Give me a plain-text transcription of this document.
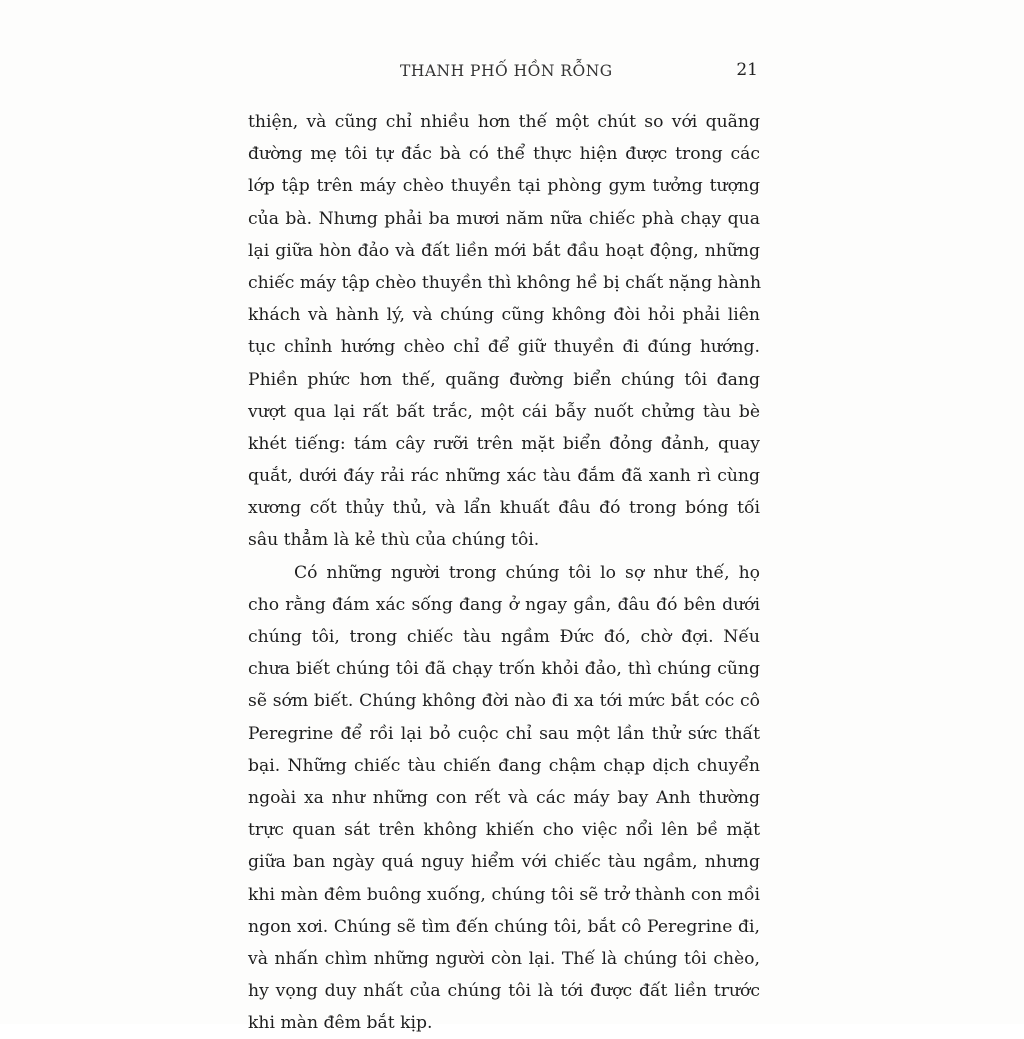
THANH PHỐ HỒN RỖNG	21
thiện, và cũng chỉ nhiều hơn thế một chút so với quãng
đường mẹ tôi tự đắc bà có thể thực hiện được trong các
lớp tập trên máy chèo thuyền tại phòng gym tưởng tượng
của bà. Nhưng phải ba mươi năm nữa chiếc phà chạy qua
lại giữa hòn đảo và đất liền mới bắt đầu hoạt động, những
chiếc máy tập chèo thuyền thì không hề bị chất nặng hành
khách và hành lý, và chúng cũng không đòi hỏi phải liên
tục chỉnh hướng chèo chỉ để giữ thuyền đi đúng hướng.
Phiền phức hơn thế, quãng đường biển chúng tôi đang
vượt qua lại rất bất trắc, một cái bẫy nuốt chửng tàu bè
khét tiếng: tám cây rưỡi trên mặt biển đỏng đảnh, quay
quắt, dưới đáy rải rác những xác tàu đắm đã xanh rì cùng
xương cốt thủy thủ, và lẩn khuất đâu đó trong bóng tối
sâu thẳm là kẻ thù của chúng tôi.
Có những người trong chúng tôi lo sợ như thế, họ
cho rằng đám xác sống đang ở ngay gần, đâu đó bên dưới
chúng tôi, trong chiếc tàu ngầm Đức đó, chờ đợi. Nếu
chưa biết chúng tôi đã chạy trốn khỏi đảo, thì chúng cũng
sẽ sớm biết. Chúng không đời nào đi xa tới mức bắt cóc cô
Peregrine để rồi lại bỏ cuộc chỉ sau một lần thử sức thất
bại. Những chiếc tàu chiến đang chậm chạp dịch chuyển
ngoài xa như những con rết và các máy bay Anh thường
trực quan sát trên không khiến cho việc nổi lên bề mặt
giữa ban ngày quá nguy hiểm với chiếc tàu ngầm, nhưng
khi màn đêm buông xuống, chúng tôi sẽ trở thành con mồi
ngon xơi. Chúng sẽ tìm đến chúng tôi, bắt cô Peregrine đi,
và nhấn chìm những người còn lại. Thế là chúng tôi chèo,
hy vọng duy nhất của chúng tôi là tới được đất liền trước
khi màn đêm bắt kịp.
